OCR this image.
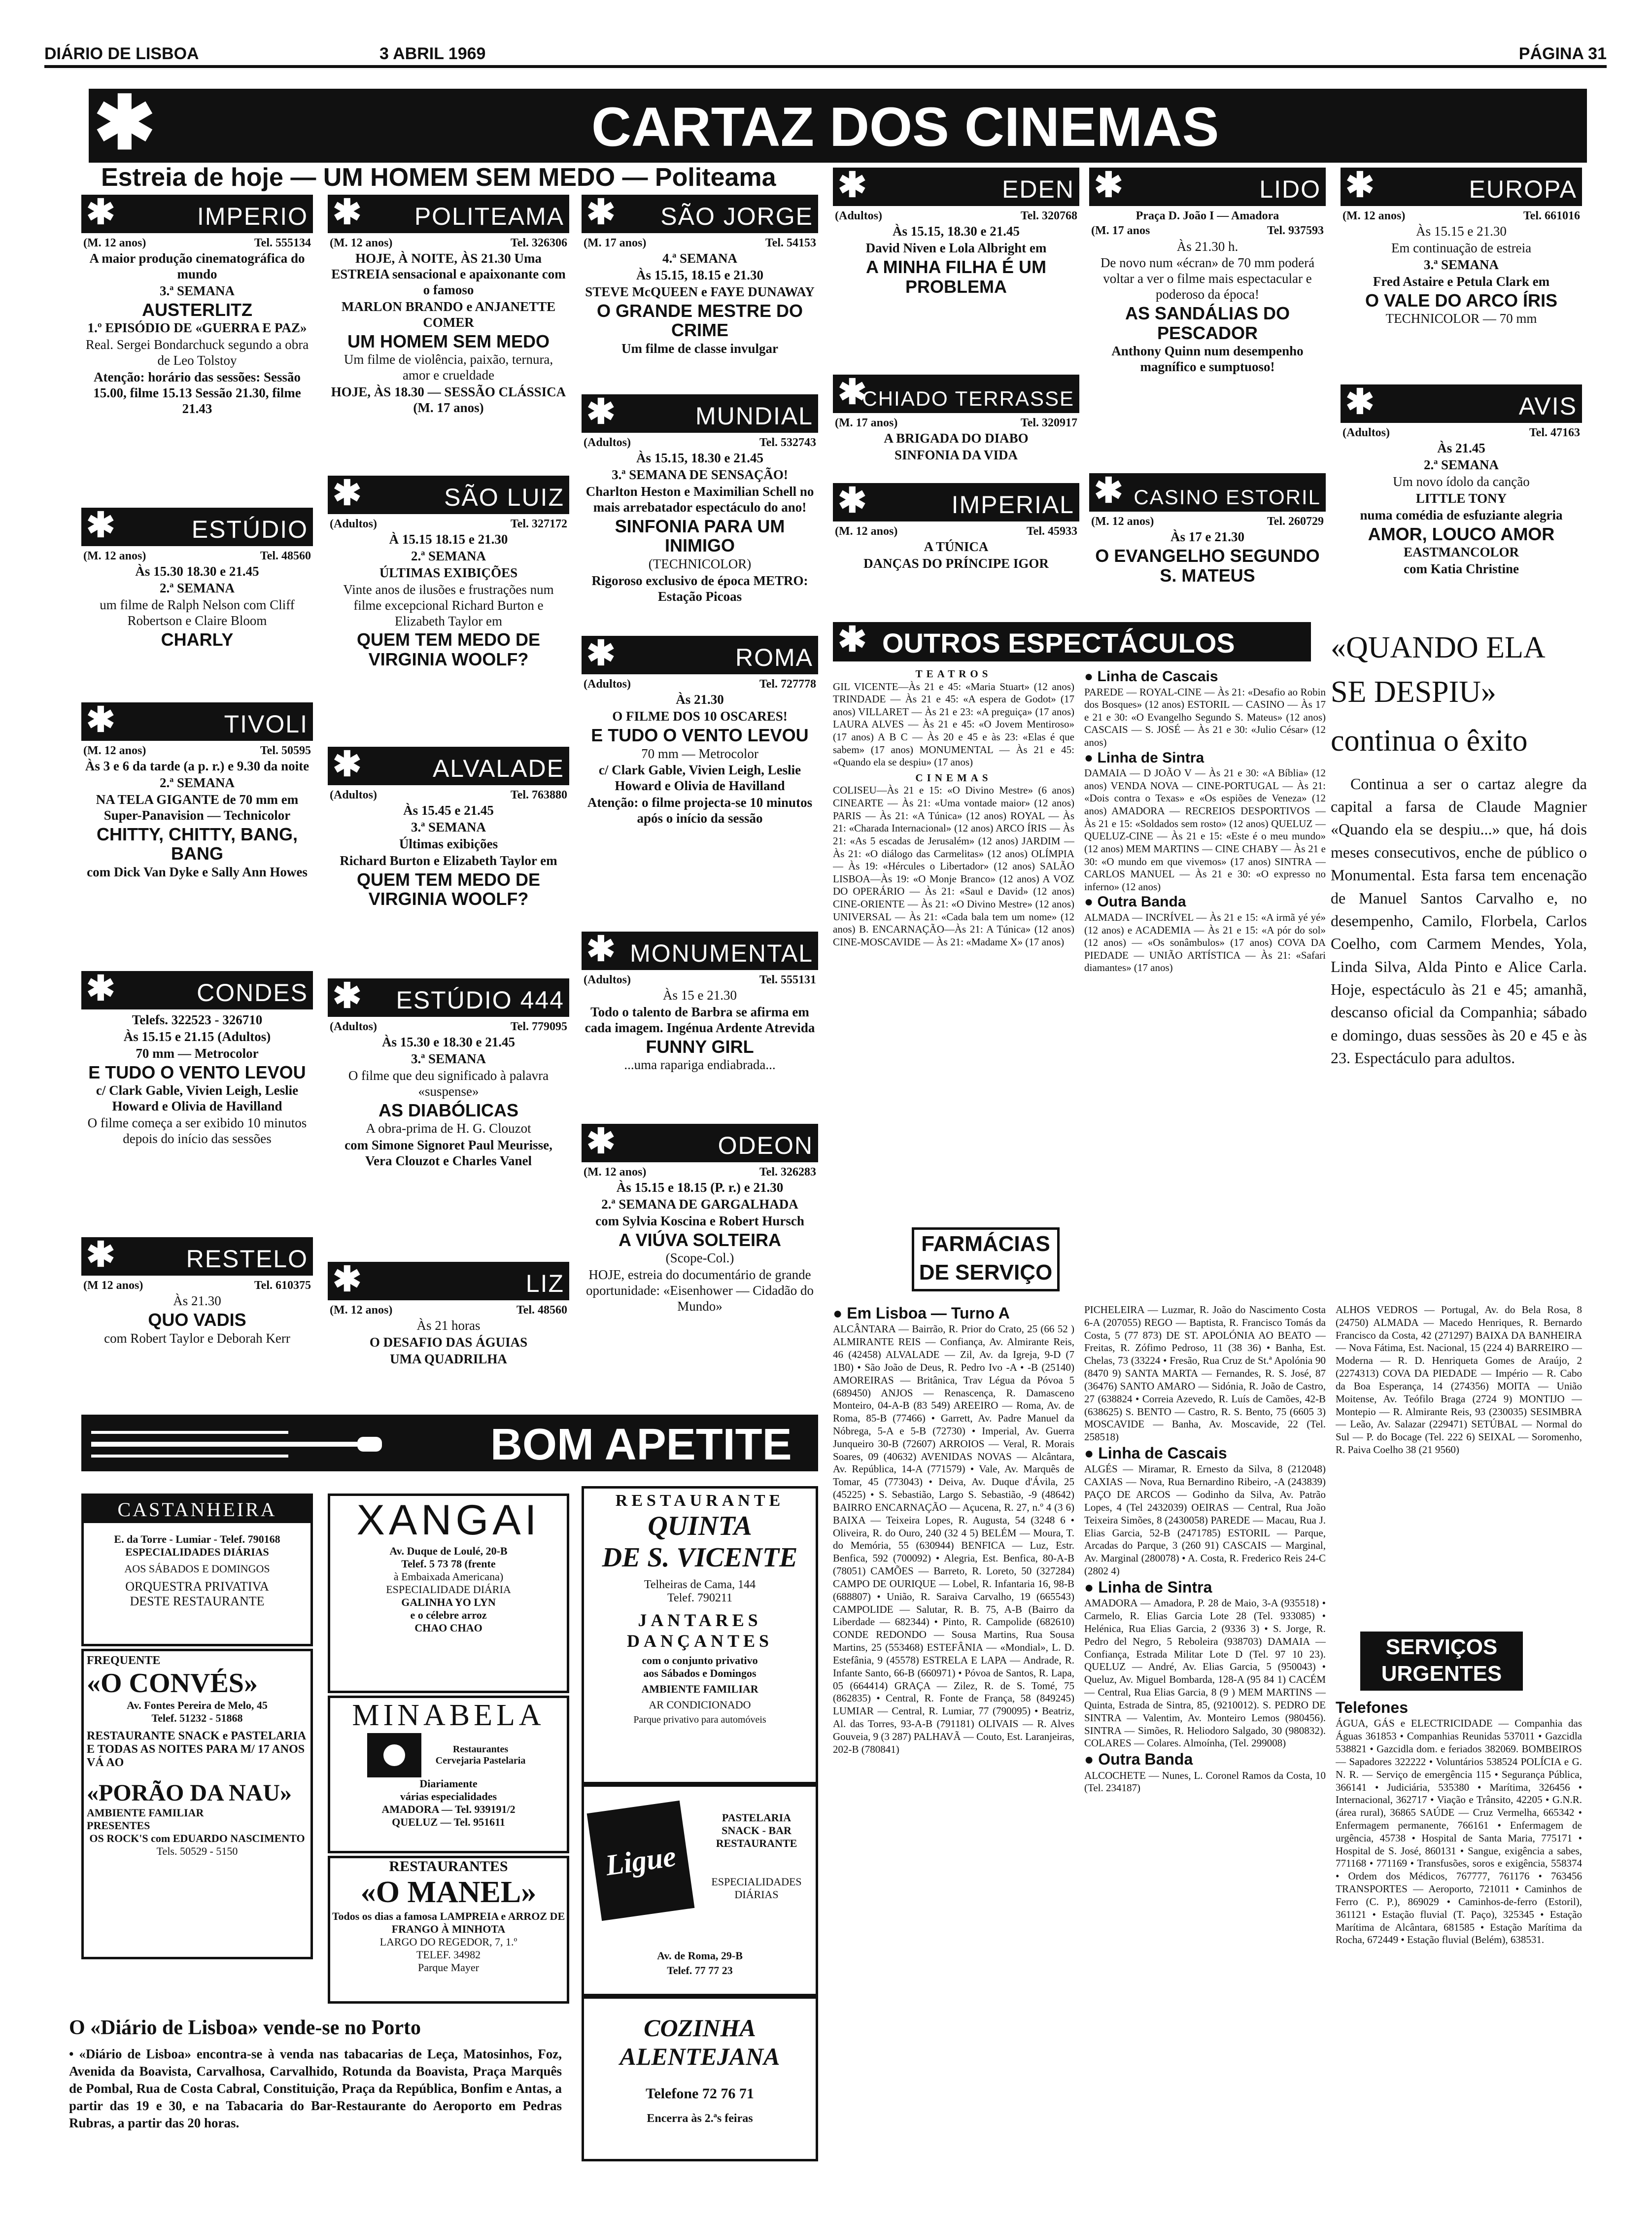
DIÁRIO DE LISBOA	3 ABRIL 1969	PÁGINA 31
✱	CARTAZ DOS CINEMAS
Estreia de hoje — UM HOMEM SEM MEDO — Politeama
✱	IMPERIO
(M. 12 anos)	Tel. 555134

A maior produção cinematográfica do mundo

3.ª SEMANA

AUSTERLITZ

1.º EPISÓDIO DE «GUERRA E PAZ»

Real. Sergei Bondarchuck segundo a obra de Leo Tolstoy

Atenção: horário das sessões: Sessão 15.00, filme 15.13 Sessão 21.30, filme 21.43

✱	ESTÚDIO
(M. 12 anos)	Tel. 48560

Às 15.30 18.30 e 21.45

2.ª SEMANA

um filme de Ralph Nelson com Cliff Robertson e Claire Bloom

CHARLY

✱	TIVOLI
(M. 12 anos)	Tel. 50595

Às 3 e 6 da tarde (a p. r.) e 9.30 da noite

2.ª SEMANA

NA TELA GIGANTE de 70 mm em Super-Panavision — Technicolor

CHITTY, CHITTY, BANG, BANG

com Dick Van Dyke e Sally Ann Howes

✱	CONDES

Telefs. 322523 - 326710

Às 15.15 e 21.15 (Adultos)

70 mm — Metrocolor

E TUDO O VENTO LEVOU

c/ Clark Gable, Vivien Leigh, Leslie Howard e Olivia de Havilland

O filme começa a ser exibido 10 minutos depois do início das sessões

✱	RESTELO
(M 12 anos)	Tel. 610375

Às 21.30

QUO VADIS

com Robert Taylor e Deborah Kerr

✱ POLITEAMA
(M. 12 anos)	Tel. 326306

HOJE, À NOITE, ÀS 21.30 Uma ESTREIA sensacional e apaixonante com o famoso

MARLON BRANDO e ANJANETTE COMER

UM HOMEM SEM MEDO

Um filme de violência, paixão, ternura, amor e crueldade

HOJE, ÀS 18.30 — SESSÃO CLÁSSICA (M. 17 anos)

✱	SÃO LUIZ
(Adultos)	Tel. 327172

À 15.15 18.15 e 21.30

2.ª SEMANA

ÚLTIMAS EXIBIÇÕES

Vinte anos de ilusões e frustrações num filme excepcional Richard Burton e Elizabeth Taylor em

QUEM TEM MEDO DE VIRGINIA WOOLF?

✱	ALVALADE
(Adultos)	Tel. 763880

Às 15.45 e 21.45

3.ª SEMANA

Últimas exibições

Richard Burton e Elizabeth Taylor em

QUEM TEM MEDO DE VIRGINIA WOOLF?

✱ ESTÚDIO 444
(Adultos)	Tel. 779095

Às 15.30 e 18.30 e 21.45

3.ª SEMANA

O filme que deu significado à palavra «suspense»

AS DIABÓLICAS

A obra-prima de H. G. Clouzot

com Simone Signoret Paul Meurisse, Vera Clouzot e Charles Vanel

✱	LIZ
(M. 12 anos)	Tel. 48560

Às 21 horas

O DESAFIO DAS ÁGUIAS

UMA QUADRILHA

✱ SÃO JORGE
(M. 17 anos)	Tel. 54153

4.ª SEMANA

Às 15.15, 18.15 e 21.30

STEVE McQUEEN e FAYE DUNAWAY

O GRANDE MESTRE DO CRIME

Um filme de classe invulgar

✱	MUNDIAL
(Adultos)	Tel. 532743

Às 15.15, 18.30 e 21.45

3.ª SEMANA DE SENSAÇÃO!

Charlton Heston e Maximilian Schell no mais arrebatador espectáculo do ano!

SINFONIA PARA UM INIMIGO

(TECHNICOLOR)

Rigoroso exclusivo de época METRO: Estação Picoas

✱	ROMA
(Adultos)	Tel. 727778

Às 21.30

O FILME DOS 10 OSCARES!

E TUDO O VENTO LEVOU

70 mm — Metrocolor

c/ Clark Gable, Vivien Leigh, Leslie Howard e Olivia de Havilland

Atenção: o filme projecta-se 10 minutos após o início da sessão

✱ MONUMENTAL
(Adultos)	Tel. 555131

Às 15 e 21.30

Todo o talento de Barbra se afirma em cada imagem. Ingénua Ardente Atrevida

FUNNY GIRL

...uma rapariga endiabrada...

✱	ODEON
(M. 12 anos)	Tel. 326283

Às 15.15 e 18.15 (P. r.) e 21.30

2.ª SEMANA DE GARGALHADA

com Sylvia Koscina e Robert Hursch

A VIÚVA SOLTEIRA

(Scope-Col.)

HOJE, estreia do documentário de grande oportunidade: «Eisenhower — Cidadão do Mundo»

✱	EDEN
(Adultos)	Tel. 320768

Às 15.15, 18.30 e 21.45

David Niven e Lola Albright em

A MINHA FILHA É UM PROBLEMA

✱
CHIADO TERRASSE
(M. 17 anos)	Tel. 320917

A BRIGADA DO DIABO

SINFONIA DA VIDA

✱	IMPERIAL
(M. 12 anos)	Tel. 45933

A TÚNICA

DANÇAS DO PRÍNCIPE IGOR

✱	LIDO

Praça D. João I — Amadora

(M. 17 anos	Tel. 937593

Às 21.30 h.

De novo num «écran» de 70 mm poderá voltar a ver o filme mais espectacular e poderoso da época!

AS SANDÁLIAS DO PESCADOR

Anthony Quinn num desempenho magnífico e sumptuoso!

✱ CASINO ESTORIL
(M. 12 anos)	Tel. 260729

Às 17 e 21.30

O EVANGELHO SEGUNDO S. MATEUS

✱	EUROPA
(M. 12 anos)	Tel. 661016

Às 15.15 e 21.30

Em continuação de estreia

3.ª SEMANA

Fred Astaire e Petula Clark em

O VALE DO ARCO ÍRIS

TECHNICOLOR — 70 mm

✱	AVIS
(Adultos)	Tel. 47163

Às 21.45

2.ª SEMANA

Um novo ídolo da canção

LITTLE TONY

numa comédia de esfuziante alegria

AMOR, LOUCO AMOR

EASTMANCOLOR

com Katia Christine

✱ OUTROS ESPECTÁCULOS
TEATROS
GIL VICENTE—Às 21 e 45: «Maria Stuart» (12 anos) TRINDADE — Às 21 e 45: «A espera de Godot» (17 anos) VILLARET — Às 21 e 23: «A preguiça» (17 anos) LAURA ALVES — Às 21 e 45: «O Jovem Mentiroso» (17 anos) A B C — Às 20 e 45 e às 23: «Elas é que sabem» (17 anos) MONUMENTAL — Às 21 e 45: «Quando ela se despiu» (17 anos)
CINEMAS
COLISEU—Às 21 e 15: «O Divino Mestre» (6 anos) CINEARTE — Às 21: «Uma vontade maior» (12 anos) PARIS — Às 21: «A Túnica» (12 anos) ROYAL — Às 21: «Charada Internacional» (12 anos) ARCO ÍRIS — Às 21: «As 5 escadas de Jerusalém» (12 anos) JARDIM — Às 21: «O diálogo das Carmelitas» (12 anos) OLÍMPIA — Às 19: «Hércules o Libertador» (12 anos) SALÃO LISBOA—Às 19: «O Monje Branco» (12 anos) A VOZ DO OPERÁRIO — Às 21: «Saul e David» (12 anos) CINE-ORIENTE — Às 21: «O Divino Mestre» (12 anos) UNIVERSAL — Às 21: «Cada bala tem um nome» (12 anos) B. ENCARNAÇÃO—Às 21: A Túnica» (12 anos) CINE-MOSCAVIDE — Às 21: «Madame X» (17 anos)
● Linha de Cascais
PAREDE — ROYAL-CINE — Às 21: «Desafio ao Robin dos Bosques» (12 anos) ESTORIL — CASINO — Às 17 e 21 e 30: «O Evangelho Segundo S. Mateus» (12 anos) CASCAIS — S. JOSÉ — Às 21 e 30: «Julio César» (12 anos)
● Linha de Sintra
DAMAIA — D JOÃO V — Às 21 e 30: «A Bíblia» (12 anos) VENDA NOVA — CINE-PORTUGAL — Às 21: «Dois contra o Texas» e «Os espiões de Veneza» (12 anos) AMADORA — RECREIOS DESPORTIVOS — Às 21 e 15: «Soldados sem rosto» (12 anos) QUELUZ — QUELUZ-CINE — Às 21 e 15: «Este é o meu mundo» (12 anos) MEM MARTINS — CINE CHABY — Às 21 e 30: «O mundo em que vivemos» (17 anos) SINTRA — CARLOS MANUEL — Às 21 e 30: «O expresso no inferno» (12 anos)
● Outra Banda
ALMADA — INCRÍVEL — Às 21 e 15: «A irmã yé yé» (12 anos) e ACADEMIA — Às 21 e 15: «A pór do sol» (12 anos) — «Os sonâmbulos» (17 anos) COVA DA PIEDADE — UNIÃO ARTÍSTICA — Às 21: «Safari diamantes» (17 anos)
«QUANDO ELA SE DESPIU»
continua o êxito
Continua a ser o cartaz alegre da capital a farsa de Claude Magnier «Quando ela se despiu...» que, há dois meses consecutivos, enche de público o Monumental. Esta farsa tem encenação de Manuel Santos Carvalho e, no desempenho, Camilo, Florbela, Carlos Coelho, com Carmem Mendes, Yola, Linda Silva, Alda Pinto e Alice Carla. Hoje, espectáculo às 21 e 45; amanhã, descanso oficial da Companhia; sábado e domingo, duas sessões às 20 e 45 e às 23. Espectáculo para adultos.
FARMÁCIAS
DE SERVIÇO
● Em Lisboa — Turno A
ALCÂNTARA — Bairrão, R. Prior do Crato, 25 (66 52 ) ALMIRANTE REIS — Confiança, Av. Almirante Reis, 46 (42458) ALVALADE — Zil, Av. da Igreja, 9-D (7 1B0) • São João de Deus, R. Pedro Ivo -A • -B (25140) AMOREIRAS — Britânica, Trav Légua da Póvoa 5 (689450) ANJOS — Renascença, R. Damasceno Monteiro, 04-A-B (83 549) AREEIRO — Roma, Av. de Roma, 85-B (77466) • Garrett, Av. Padre Manuel da Nóbrega, 5-A e 5-B (72730) • Imperial, Av. Guerra Junqueiro 30-B (72607) ARROIOS — Veral, R. Morais Soares, 09 (40632) AVENIDAS NOVAS — Alcântara, Av. República, 14-A (771579) • Vale, Av. Marquês de Tomar, 45 (773043) • Deiva, Av. Duque d'Ávila, 25 (45225) • S. Sebastião, Largo S. Sebastião, -9 (48642) BAIRRO ENCARNAÇÃO — Açucena, R. 27, n.º 4 (3 6) BAIXA — Teixeira Lopes, R. Augusta, 54 (3248 6 • Oliveira, R. do Ouro, 240 (32 4 5) BELÉM — Moura, T. do Memória, 55 (630944) BENFICA — Luz, Estr. Benfica, 592 (700092) • Alegria, Est. Benfica, 80-A-B (78051) CAMÕES — Barreto, R. Loreto, 50 (327284) CAMPO DE OURIQUE — Lobel, R. Infantaria 16, 98-B (688807) • União, R. Saraiva Carvalho, 19 (665543) CAMPOLIDE — Salutar, R. B. 75, A-B (Bairro da Liberdade — 682344) • Pinto, R. Campolide (682610) CONDE REDONDO — Sousa Martins, Rua Sousa Martins, 25 (553468) ESTEFÂNIA — «Mondial», L. D. Estefânia, 9 (45578) ESTRELA E LAPA — Andrade, R. Infante Santo, 66-B (660971) • Póvoa de Santos, R. Lapa, 05 (664414) GRAÇA — Zilez, R. de S. Tomé, 75 (862835) • Central, R. Fonte de França, 58 (849245) LUMIAR — Central, R. Lumiar, 77 (790095) • Beatriz, Al. das Torres, 93-A-B (791181) OLIVAIS — R. Alves Gouveia, 9 (3 287) PALHAVÃ — Couto, Est. Laranjeiras, 202-B (780841)
PICHELEIRA — Luzmar, R. João do Nascimento Costa 6-A (207055) REGO — Baptista, R. Francisco Tomás da Costa, 5 (77 873) DE ST. APOLÓNIA AO BEATO — Freitas, R. Zófimo Pedroso, 11 (38 36) • Banha, Est. Chelas, 73 (33224 • Fresão, Rua Cruz de St.ª Apolónia 90 (8470 9) SANTA MARTA — Fernandes, R. S. José, 87 (36476) SANTO AMARO — Sidónia, R. João de Castro, 27 (638824 • Correia Azevedo, R. Luís de Camões, 42-B (638625) S. BENTO — Castro, R. S. Bento, 75 (6605 3) MOSCAVIDE — Banha, Av. Moscavide, 22 (Tel. 258518)
● Linha de Cascais
ALGÉS — Miramar, R. Ernesto da Silva, 8 (212048) CAXIAS — Nova, Rua Bernardino Ribeiro, -A (243839) PAÇO DE ARCOS — Godinho da Silva, Av. Patrão Lopes, 4 (Tel 2432039) OEIRAS — Central, Rua João Teixeira Simões, 8 (2430058) PAREDE — Macau, Rua J. Elias Garcia, 52-B (2471785) ESTORIL — Parque, Arcadas do Parque, 3 (260 91) CASCAIS — Marginal, Av. Marginal (280078) • A. Costa, R. Frederico Reis 24-C (2802 4)
● Linha de Sintra
AMADORA — Amadora, P. 28 de Maio, 3-A (935518) • Carmelo, R. Elias Garcia Lote 28 (Tel. 933085) • Helénica, Rua Elias Garcia, 2 (9336 3) • S. Jorge, R. Pedro del Negro, 5 Reboleira (938703) DAMAIA — Confiança, Estrada Militar Lote D (Tel. 97 10 23). QUELUZ — André, Av. Elias Garcia, 5 (950043) • Queluz, Av. Miguel Bombarda, 128-A (95 84 1) CACÉM — Central, Rua Elias Garcia, 8 (9 ) MEM MARTINS — Quinta, Estrada de Sintra, 85, (9210012). S. PEDRO DE SINTRA — Valentim, Av. Monteiro Lemos (980456). SINTRA — Simões, R. Heliodoro Salgado, 30 (980832). COLARES — Colares. Almoínha, (Tel. 299008)
● Outra Banda
ALCOCHETE — Nunes, L. Coronel Ramos da Costa, 10 (Tel. 234187)
ALHOS VEDROS — Portugal, Av. do Bela Rosa, 8 (24750) ALMADA — Macedo Henriques, R. Bernardo Francisco da Costa, 42 (271297) BAIXA DA BANHEIRA — Nova Fátima, Est. Nacional, 15 (224 4) BARREIRO — Moderna — R. D. Henriqueta Gomes de Araújo, 2 (2274313) COVA DA PIEDADE — Império — R. Cabo da Boa Esperança, 14 (274356) MOITA — União Moitense, Av. Teófilo Braga (2724 9) MONTIJO — Montepio — R. Almirante Reis, 93 (230035) SESIMBRA — Leão, Av. Salazar (229471) SETÚBAL — Normal do Sul — P. do Bocage (Tel. 222 6) SEIXAL — Soromenho, R. Paiva Coelho 38 (21 9560)
SERVIÇOS
URGENTES
Telefones
ÁGUA, GÁS e ELECTRICIDADE — Companhia das Águas 361853 • Companhias Reunidas 537011 • Gazcidla 538821 • Gazcidla dom. e feriados 382069. BOMBEIROS — Sapadores 322222 • Voluntários 538524 POLÍCIA e G. N. R. — Serviço de emergência 115 • Segurança Pública, 366141 • Judiciária, 535380 • Marítima, 326456 • Internacional, 362717 • Viação e Trânsito, 42205 • G.N.R. (área rural), 36865 SAÚDE — Cruz Vermelha, 665342 • Enfermagem permanente, 766161 • Enfermagem de urgência, 45738 • Hospital de Santa Maria, 775171 • Hospital de S. José, 860131 • Sangue, exigência a sabes, 771168 • 771169 • Transfusões, soros e exigência, 558374 • Ordem dos Médicos, 767777, 761176 • 763456 TRANSPORTES — Aeroporto, 721011 • Caminhos de Ferro (C. P.), 869029 • Caminhos-de-ferro (Estoril), 361121 • Estação fluvial (T. Paço), 325345 • Estação Marítima de Alcântara, 681585 • Estação Marítima da Rocha, 672449 • Estação fluvial (Belém), 638531.
BOM APETITE
CASTANHEIRA
E. da Torre - Lumiar - Telef. 790168
ESPECIALIDADES DIÁRIAS
AOS SÁBADOS E DOMINGOS
ORQUESTRA PRIVATIVA
DESTE RESTAURANTE
FREQUENTE
«O CONVÉS»
Av. Fontes Pereira de Melo, 45
Telef. 51232 - 51868
RESTAURANTE SNACK e PASTELARIA
E TODAS AS NOITES PARA M/ 17 ANOS VÁ AO
«PORÃO DA NAU»
AMBIENTE FAMILIAR
PRESENTES
OS ROCK'S com EDUARDO NASCIMENTO
Tels. 50529 - 5150
XANGAI
Av. Duque de Loulé, 20-B
Telef. 5 73 78 (frente
à Embaixada Americana)
ESPECIALIDADE DIÁRIA
GALINHA YO LYN
e o célebre arroz
CHAO CHAO
MINABELA
Restaurantes Cervejaria Pastelaria
Diariamente
várias especialidades
AMADORA — Tel. 939191/2
QUELUZ — Tel. 951611
RESTAURANTES
«O MANEL»
Todos os dias a famosa LAMPREIA e ARROZ DE FRANGO À MINHOTA
LARGO DO REGEDOR, 7, 1.º
TELEF. 34982
Parque Mayer
RESTAURANTE
QUINTA
DE S. VICENTE
Telheiras de Cama, 144
Telef. 790211
JANTARES
DANÇANTES
com o conjunto privativo
aos Sábados e Domingos
AMBIENTE FAMILIAR
AR CONDICIONADO
Parque privativo para automóveis
Ligue
PASTELARIA SNACK - BAR RESTAURANTE
ESPECIALIDADES DIÁRIAS
Av. de Roma, 29-B
Telef. 77 77 23
COZINHA
ALENTEJANA
Telefone 72 76 71
Encerra às 2.ªs feiras
O «Diário de Lisboa» vende-se no Porto
• «Diário de Lisboa» encontra-se à venda nas tabacarias de Leça, Matosinhos, Foz, Avenida da Boavista, Carvalhosa, Carvalhido, Rotunda da Boavista, Praça Marquês de Pombal, Rua de Costa Cabral, Constituição, Praça da República, Bonfim e Antas, a partir das 19 e 30, e na Tabacaria do Bar-Restaurante do Aeroporto em Pedras Rubras, a partir das 20 horas.
